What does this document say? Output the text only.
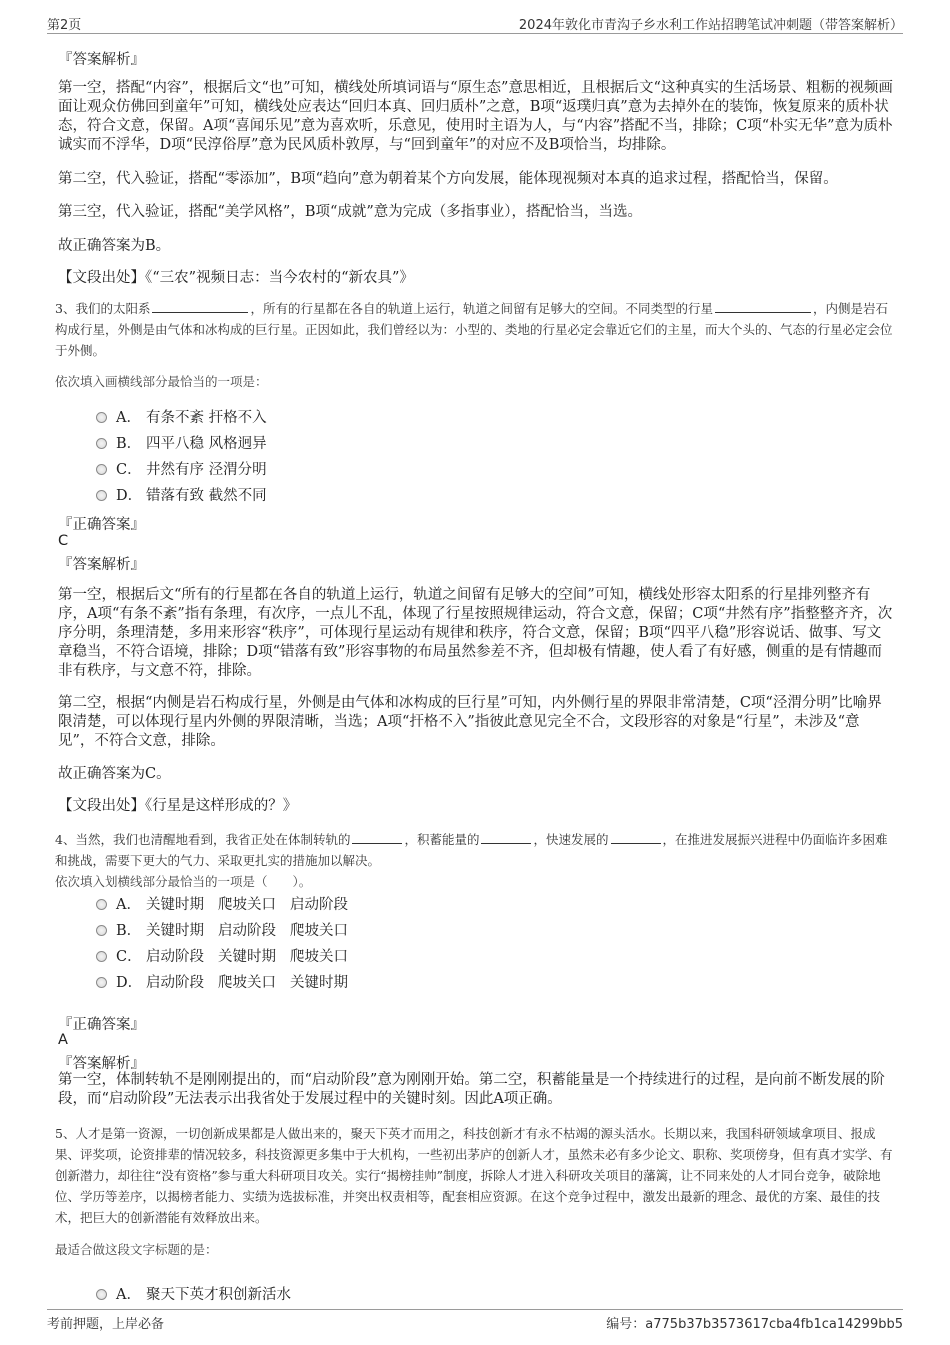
第2页	2024年敦化市青沟子乡水利工作站招聘笔试冲刺题（带答案解析）
『答案解析』
第一空，搭配“内容”，根据后文“也”可知，横线处所填词语与“原生态”意思相近，且根据后文“这种真实的生活场景、粗粝的视频画面让观众仿佛回到童年”可知，横线处应表达“回归本真、回归质朴”之意，B项“返璞归真”意为去掉外在的装饰，恢复原来的质朴状态，符合文意，保留。A项“喜闻乐见”意为喜欢听，乐意见，使用时主语为人，与“内容”搭配不当，排除；C项“朴实无华”意为质朴诚实而不浮华，D项“民淳俗厚”意为民风质朴敦厚，与“回到童年”的对应不及B项恰当，均排除。
第二空，代入验证，搭配“零添加”，B项“趋向”意为朝着某个方向发展，能体现视频对本真的追求过程，搭配恰当，保留。
第三空，代入验证，搭配“美学风格”，B项“成就”意为完成（多指事业），搭配恰当，当选。
故正确答案为B。
【文段出处】《“三农”视频日志：当今农村的“新农具”》
3、我们的太阳系	，所有的行星都在各自的轨道上运行，轨道之间留有足够大的空间。不同类型的行星	，内侧是岩石构成行星，外侧是由气体和冰构成的巨行星。正因如此，我们曾经以为：小型的、类地的行星必定会靠近它们的主星，而大个头的、气态的行星必定会位于外侧。
依次填入画横线部分最恰当的一项是：
A． 有条不紊 扞格不入
B． 四平八稳 风格迥异
C． 井然有序 泾渭分明
D． 错落有致 截然不同
『正确答案』
C
『答案解析』
第一空，根据后文“所有的行星都在各自的轨道上运行，轨道之间留有足够大的空间”可知，横线处形容太阳系的行星排列整齐有序，A项“有条不紊”指有条理，有次序，一点儿不乱，体现了行星按照规律运动，符合文意，保留；C项“井然有序”指整整齐齐，次序分明，条理清楚，多用来形容“秩序”，可体现行星运动有规律和秩序，符合文意，保留；B项“四平八稳”形容说话、做事、写文章稳当，不符合语境，排除；D项“错落有致”形容事物的布局虽然参差不齐，但却极有情趣，使人看了有好感，侧重的是有情趣而非有秩序，与文意不符，排除。
第二空，根据“内侧是岩石构成行星，外侧是由气体和冰构成的巨行星”可知，内外侧行星的界限非常清楚，C项“泾渭分明”比喻界限清楚，可以体现行星内外侧的界限清晰，当选；A项“扞格不入”指彼此意见完全不合，文段形容的对象是“行星”，未涉及“意见”，不符合文意，排除。
故正确答案为C。
【文段出处】《行星是这样形成的？》
4、当然，我们也清醒地看到，我省正处在体制转轨的	，积蓄能量的	，快速发展的	，在推进发展振兴进程中仍面临许多困难和挑战，需要下更大的气力、采取更扎实的措施加以解决。
依次填入划横线部分最恰当的一项是（　　）。
A． 关键时期 爬坡关口 启动阶段
B． 关键时期 启动阶段 爬坡关口
C． 启动阶段 关键时期 爬坡关口
D． 启动阶段 爬坡关口 关键时期
『正确答案』
A
『答案解析』
第一空，体制转轨不是刚刚提出的，而“启动阶段”意为刚刚开始。第二空，积蓄能量是一个持续进行的过程，是向前不断发展的阶段，而“启动阶段”无法表示出我省处于发展过程中的关键时刻。因此A项正确。
5、人才是第一资源，一切创新成果都是人做出来的，聚天下英才而用之，科技创新才有永不枯竭的源头活水。长期以来，我国科研领域拿项目、报成果、评奖项，论资排辈的情况较多，科技资源更多集中于大机构，一些初出茅庐的创新人才，虽然未必有多少论文、职称、奖项傍身，但有真才实学、有创新潜力，却往往“没有资格”参与重大科研项目攻关。实行“揭榜挂帅”制度，拆除人才进入科研攻关项目的藩篱，让不同来处的人才同台竞争，破除地位、学历等差序，以揭榜者能力、实绩为选拔标准，并突出权责相等，配套相应资源。在这个竞争过程中，激发出最新的理念、最优的方案、最佳的技术，把巨大的创新潜能有效释放出来。
最适合做这段文字标题的是：
A． 聚天下英才积创新活水
考前押题，上岸必备	编号：a775b37b3573617cba4fb1ca14299bb5
